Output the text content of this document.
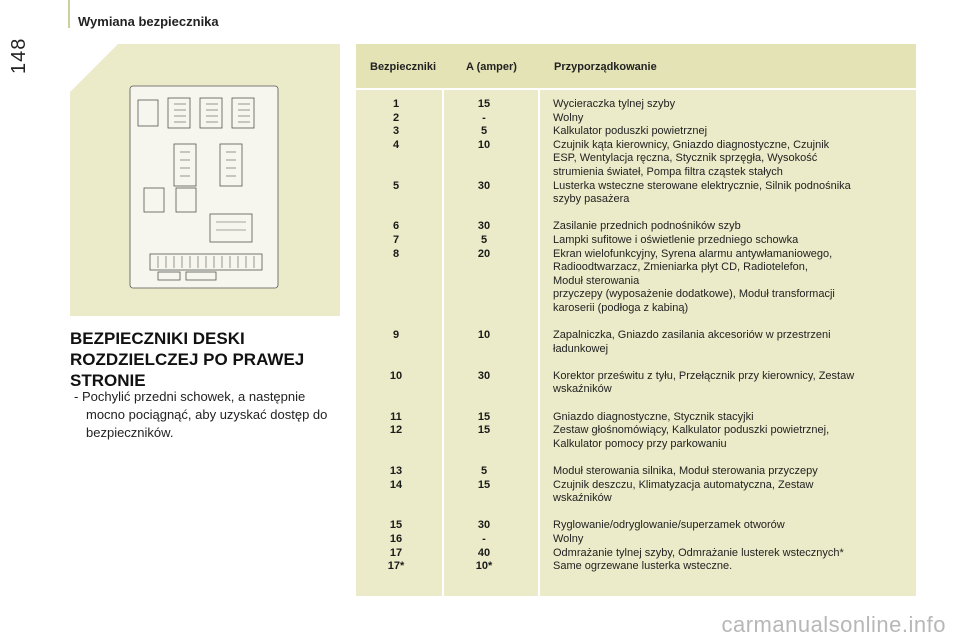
148
Wymiana bezpiecznika
BEZPIECZNIKI DESKI ROZDZIELCZEJ PO PRAWEJ STRONIE
- Pochylić przedni schowek, a następnie mocno pociągnąć, aby uzyskać dostęp do bezpieczników.
Bezpieczniki	A (amper)	Przyporządkowanie
1	15	Wycieraczka tylnej szyby
2	-	Wolny
3	5	Kalkulator poduszki powietrznej
4	10	Czujnik kąta kierownicy, Gniazdo diagnostyczne, Czujnik
ESP, Wentylacja ręczna, Stycznik sprzęgła, Wysokość
strumienia świateł, Pompa filtra cząstek stałych
5	30	Lusterka wsteczne sterowane elektrycznie, Silnik podnośnika
szyby pasażera
6	30	Zasilanie przednich podnośników szyb
7	5	Lampki sufitowe i oświetlenie przedniego schowka
8	20	Ekran wielofunkcyjny, Syrena alarmu antywłamaniowego,
Radioodtwarzacz, Zmieniarka płyt CD, Radiotelefon,
Moduł sterowania
przyczepy (wyposażenie dodatkowe), Moduł transformacji
karoserii (podłoga z kabiną)
9	10	Zapalniczka, Gniazdo zasilania akcesoriów w przestrzeni
ładunkowej
10	30	Korektor prześwitu z tyłu, Przełącznik przy kierownicy, Zestaw
wskaźników
11	15	Gniazdo diagnostyczne, Stycznik stacyjki
12	15	Zestaw głośnomówiący, Kalkulator poduszki powietrznej,
Kalkulator pomocy przy parkowaniu
13	5	Moduł sterowania silnika, Moduł sterowania przyczepy
14	15	Czujnik deszczu, Klimatyzacja automatyczna, Zestaw
wskaźników
15	30	Ryglowanie/odryglowanie/superzamek otworów
16	-	Wolny
17	40	Odmrażanie tylnej szyby, Odmrażanie lusterek wstecznych*
17*	10*	Same ogrzewane lusterka wsteczne.
carmanualsonline.info
